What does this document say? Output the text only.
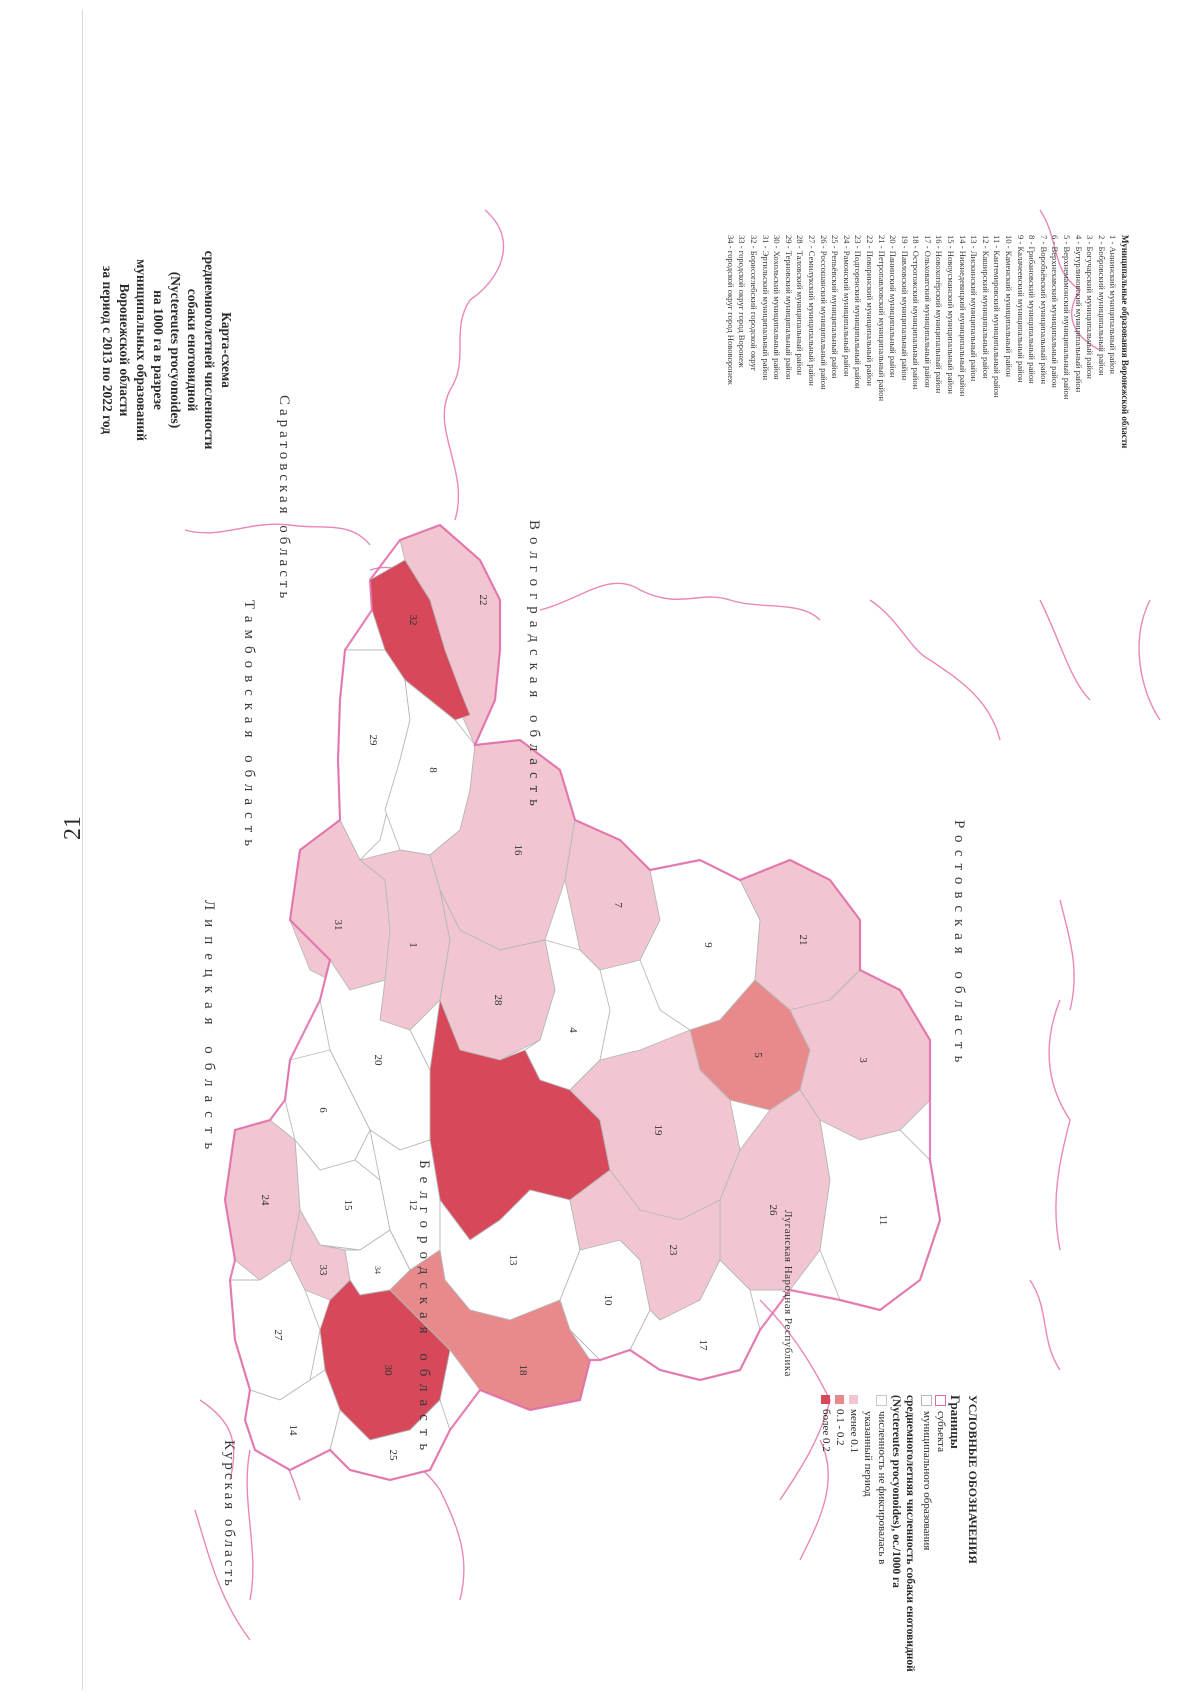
21
22
32
29
8
16
31
1
28
7
9	21
4
5
3
19
26
11
20
6
15	12
13
10
23
17
24
33	34
18
27
30
14
25
Саратовская область
Тамбовская область
Липецкая область
Курская область
Белгородская область	Луганская Народная Республика
Ростовская область
Волгоградская область
Карта-схема
среднемноголетней численности
собаки енотовидной
(Nyctereutes procyonoides)
на 1000 га в разрезе
муниципальных образований
Воронежской области
за период с 2013 по 2022 год	Муниципальные образования Воронежской области
1 - Аннинский муниципальный район
2 - Бобровский муниципальный район
3 - Богучарский муниципальный район
4 - Бутурлиновский муниципальный район
5 - Верхнемамонский муниципальный район
6 - Верхнехавский муниципальный район
7 - Воробьёвский муниципальный район
8 - Грибановский муниципальный район
9 - Калачеевский муниципальный район
10 - Каменский муниципальный район
11 - Кантемировский муниципальный район
12 - Каширский муниципальный район
13 - Лискинский муниципальный район
14 - Нижнедевицкий муниципальный район
15 - Новоусманский муниципальный район
16 - Новохопёрский муниципальный район
17 - Ольховатский муниципальный район
18 - Острогожский муниципальный район
19 - Павловский муниципальный район
20 - Панинский муниципальный район
21 - Петропавловский муниципальный район
22 - Поворинский муниципальный район
23 - Подгоренский муниципальный район
24 - Рамонский муниципальный район
25 - Репьёвский муниципальный район
26 - Россошанский муниципальный район
27 - Семилукский муниципальный район
28 - Таловский муниципальный район
29 - Терновский муниципальный район
30 - Хохольский муниципальный район
31 - Эртильский муниципальный район
32 - Борисоглебский городской округ
33 - городской округ город Воронеж
34 - городской округ город Нововоронеж
УСЛОВНЫЕ ОБОЗНАЧЕНИЯ
Границы
субъекта
муниципального образования
среднемноголетняя численность собаки енотовидной (Nyctereutes procyonoides), ос./1000 га
численность не фиксировалась в указанный период
менее 0.1
0.1 - 0.2
более 0.2
